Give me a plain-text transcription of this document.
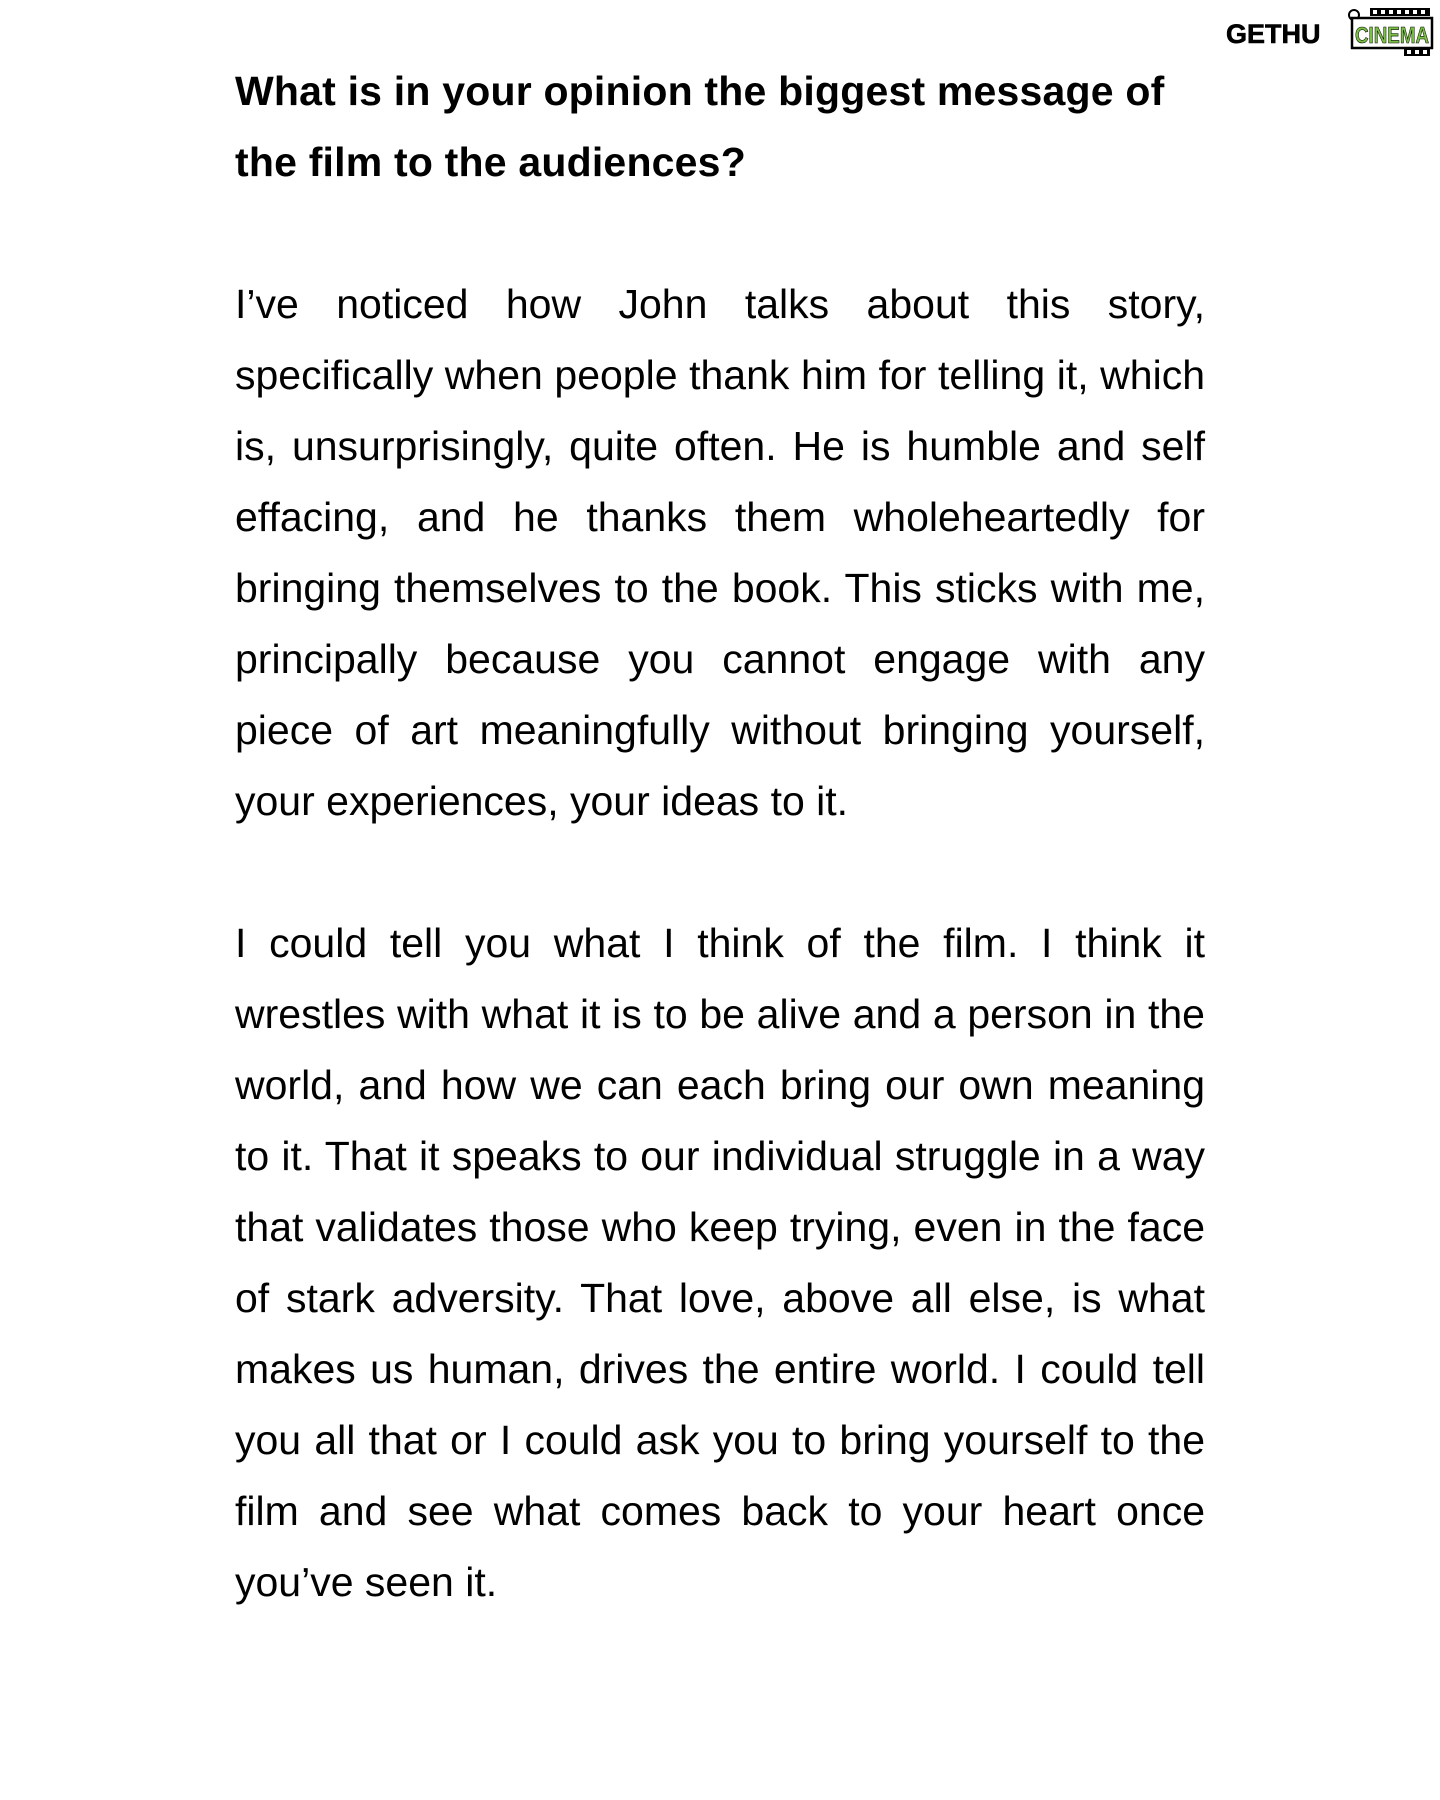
GETHU CINEMA

What is in your opinion the biggest message of the film to the audiences?

I’ve noticed how John talks about this story, specifically when people thank him for telling it, which is, unsurprisingly, quite often. He is humble and self effacing, and he thanks them wholeheartedly for bringing themselves to the book. This sticks with me, principally because you cannot engage with any piece of art meaningfully without bringing yourself, your experiences, your ideas to it.

I could tell you what I think of the film. I think it wrestles with what it is to be alive and a person in the world, and how we can each bring our own meaning to it. That it speaks to our individual struggle in a way that validates those who keep trying, even in the face of stark adversity. That love, above all else, is what makes us human, drives the entire world. I could tell you all that or I could ask you to bring yourself to the film and see what comes back to your heart once you’ve seen it.
